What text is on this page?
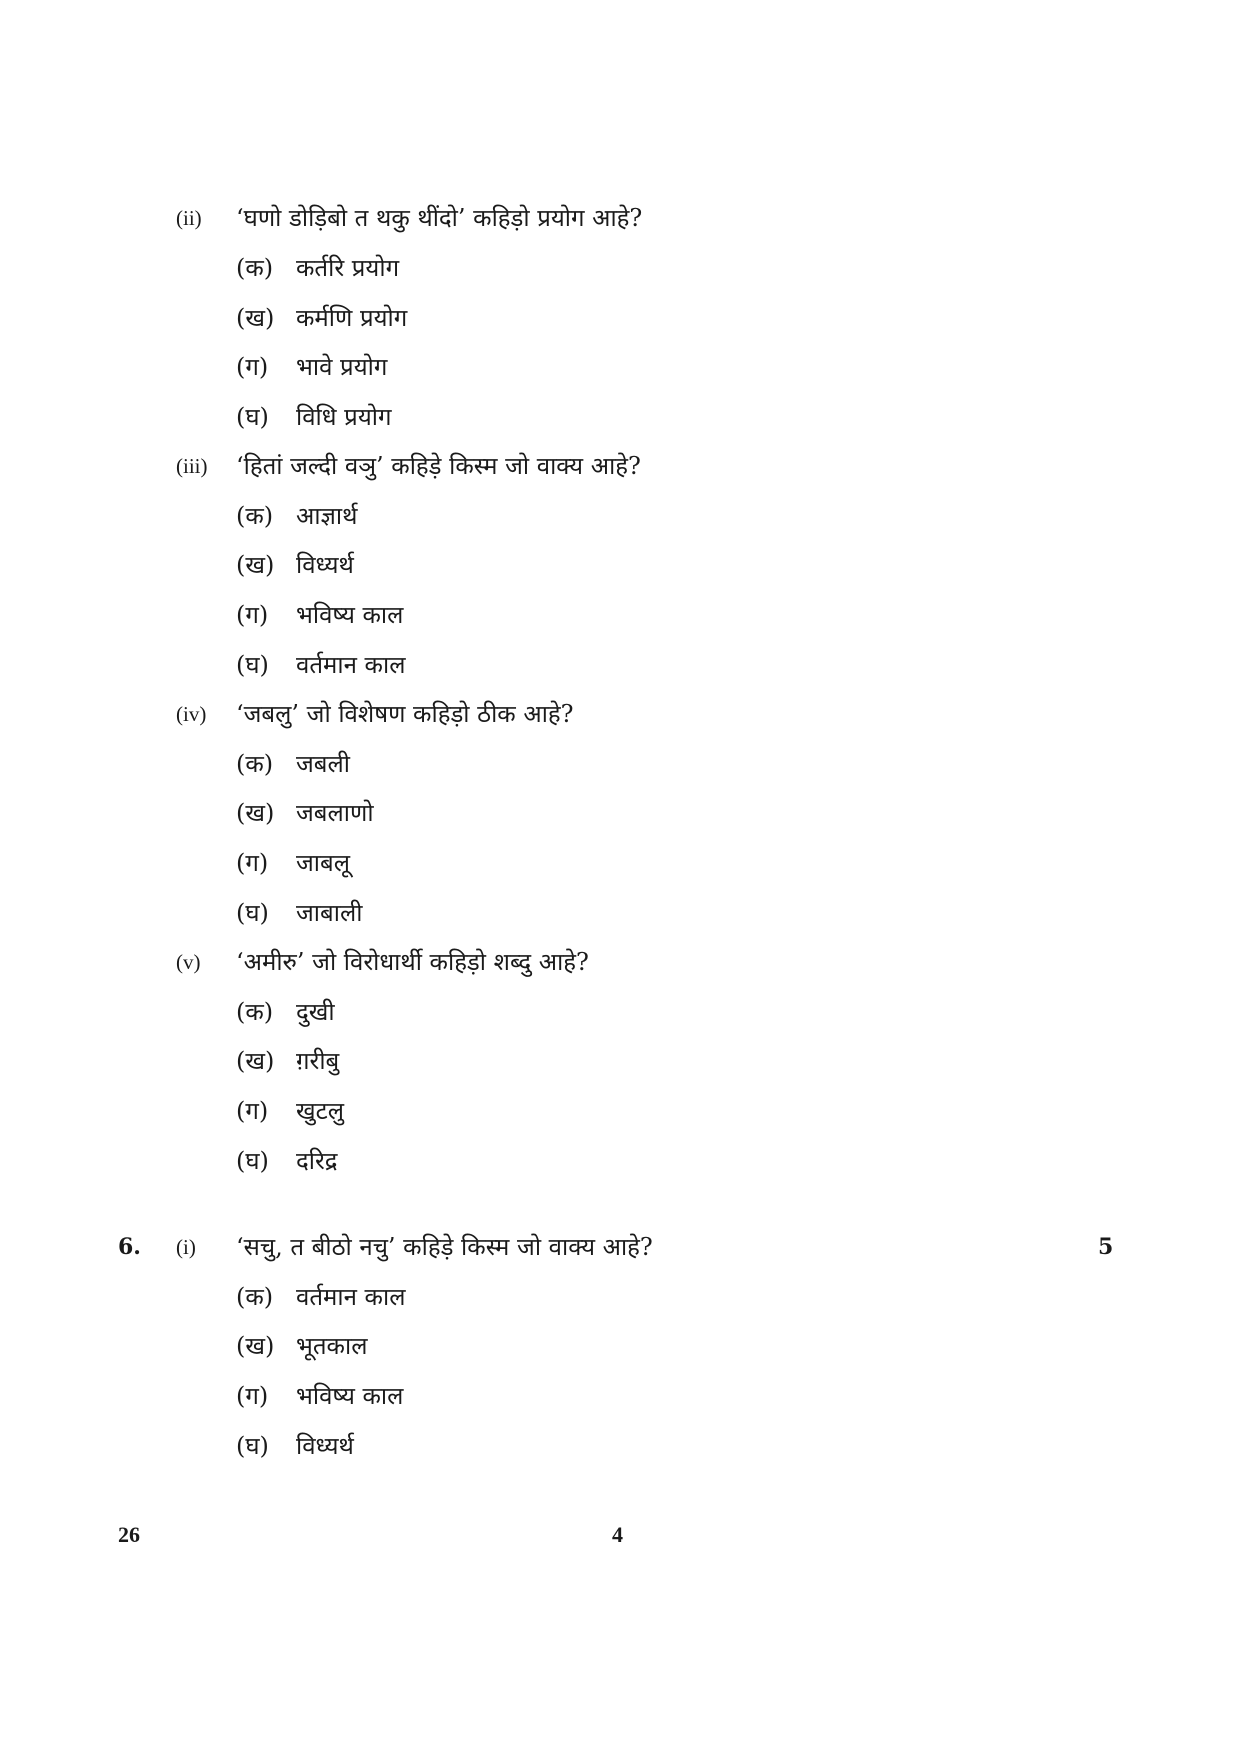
(ii) ‘घणो डोड़िबो त थकु थींदो’ कहिड़ो प्रयोग आहे?
(क) कर्तरि प्रयोग
(ख) कर्मणि प्रयोग
(ग) भावे प्रयोग
(घ) विधि प्रयोग
(iii) ‘हितां जल्दी वञु’ कहिड़े किस्म जो वाक्य आहे?
(क) आज्ञार्थ
(ख) विध्यर्थ
(ग) भविष्य काल
(घ) वर्तमान काल
(iv) ‘जबलु’ जो विशेषण कहिड़ो ठीक आहे?
(क) जबली
(ख) जबलाणो
(ग) जाबलू
(घ) जाबाली
(v) ‘अमीरु’ जो विरोधार्थी कहिड़ो शब्दु आहे?
(क) दुखी
(ख) ग़रीबु
(ग) खुटलु
(घ) दरिद्र
6. (i) ‘सचु, त बीठो नचु’ कहिड़े किस्म जो वाक्य आहे?	5
(क) वर्तमान काल
(ख) भूतकाल
(ग) भविष्य काल
(घ) विध्यर्थ
26	4
